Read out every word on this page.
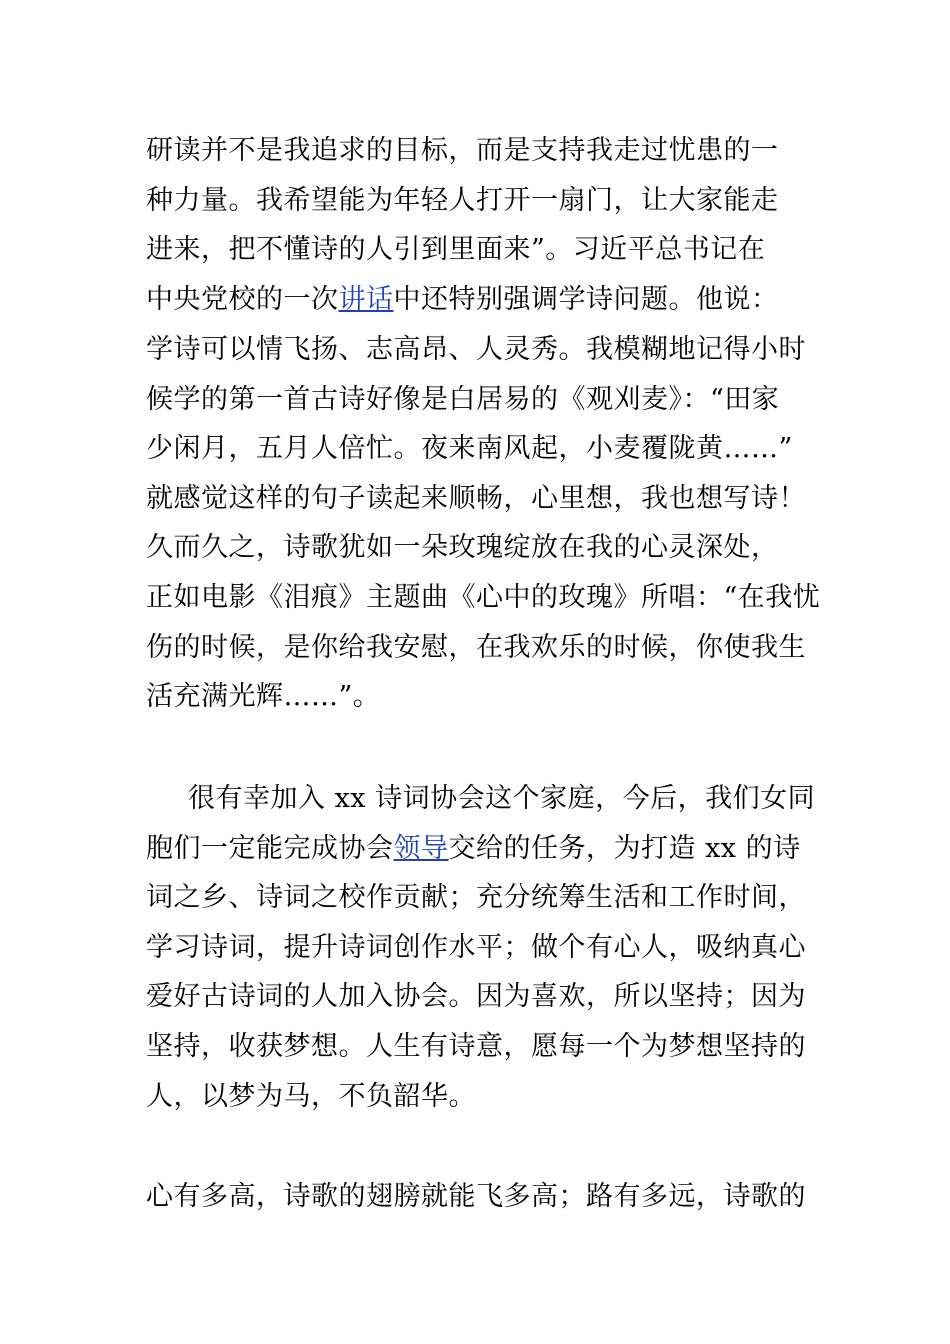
研读并不是我追求的目标，而是支持我走过忧患的一
种力量。我希望能为年轻人打开一扇门，让大家能走
进来，把不懂诗的人引到里面来”。习近平总书记在
中央党校的一次讲话中还特别强调学诗问题。他说：
学诗可以情飞扬、志高昂、人灵秀。我模糊地记得小时
候学的第一首古诗好像是白居易的《观刈麦》：“田家
少闲月，五月人倍忙。夜来南风起，小麦覆陇黄……”
就感觉这样的句子读起来顺畅，心里想，我也想写诗！
久而久之，诗歌犹如一朵玫瑰绽放在我的心灵深处，
正如电影《泪痕》主题曲《心中的玫瑰》所唱：“在我忧
伤的时候，是你给我安慰，在我欢乐的时候，你使我生
活充满光辉……”。
很有幸加入 xx 诗词协会这个家庭，今后，我们女同
胞们一定能完成协会领导交给的任务，为打造 xx 的诗
词之乡、诗词之校作贡献；充分统筹生活和工作时间，
学习诗词，提升诗词创作水平；做个有心人，吸纳真心
爱好古诗词的人加入协会。因为喜欢，所以坚持；因为
坚持，收获梦想。人生有诗意，愿每一个为梦想坚持的
人，以梦为马，不负韶华。
心有多高，诗歌的翅膀就能飞多高；路有多远，诗歌的
